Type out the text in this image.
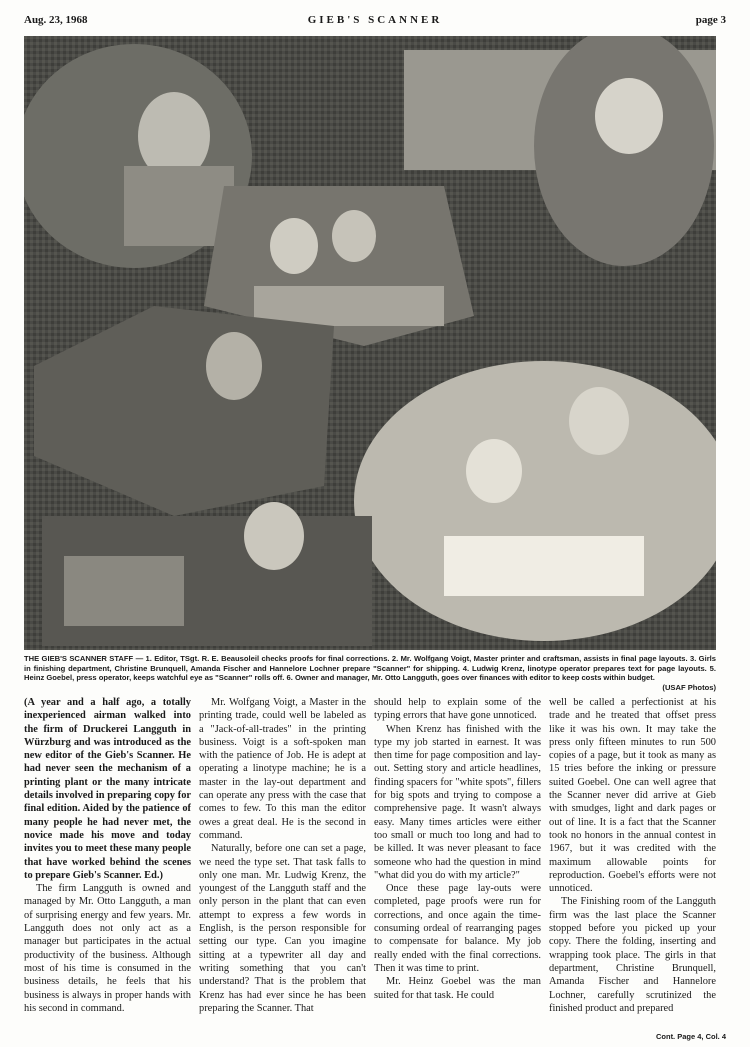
Aug. 23, 1968	GIEB'S SCANNER	page 3
THE GIEB'S SCANNER STAFF — 1. Editor, TSgt. R. E. Beausoleil checks proofs for final corrections. 2. Mr. Wolfgang Voigt, Master printer and craftsman, assists in final page layouts. 3. Girls in finishing department, Christine Brunquell, Amanda Fischer and Hannelore Lochner prepare "Scanner" for shipping. 4. Ludwig Krenz, linotype operator prepares text for page layouts. 5. Heinz Goebel, press operator, keeps watchful eye as "Scanner" rolls off. 6. Owner and manager, Mr. Otto Langguth, goes over finances with editor to keep costs within budget.
(USAF Photos)

(A year and a half ago, a totally inexperienced airman walked into the firm of Druckerei Langguth in Würzburg and was introduced as the new editor of the Gieb's Scanner. He had never seen the mechanism of a printing plant or the many intricate details involved in preparing copy for final edition. Aided by the patience of many people he had never met, the novice made his move and today invites you to meet these many people that have worked behind the scenes to prepare Gieb's Scanner. Ed.)

The firm Langguth is owned and managed by Mr. Otto Langguth, a man of surprising energy and few years. Mr. Langguth does not only act as a manager but participates in the actual productivity of the business. Although most of his time is consumed in the business details, he feels that his business is always in proper hands with his second in command.

Mr. Wolfgang Voigt, a Master in the printing trade, could well be labeled as a "Jack-of-all-trades" in the printing business. Voigt is a soft-spoken man with the patience of Job. He is adept at operating a linotype machine; he is a master in the lay-out department and can operate any press with the case that comes to few. To this man the editor owes a great deal. He is the second in command.

Naturally, before one can set a page, we need the type set. That task falls to only one man. Mr. Ludwig Krenz, the youngest of the Langguth staff and the only person in the plant that can even attempt to express a few words in English, is the person responsible for setting our type. Can you imagine sitting at a typewriter all day and writing something that you can't understand? That is the problem that Krenz has had ever since he has been preparing the Scanner. That

should help to explain some of the typing errors that have gone unnoticed.

When Krenz has finished with the type my job started in earnest. It was then time for page composition and lay-out. Setting story and article headlines, finding spacers for "white spots", fillers for big spots and trying to compose a comprehensive page. It wasn't always easy. Many times articles were either too small or much too long and had to be killed. It was never pleasant to face someone who had the question in mind "what did you do with my article?"

Once these page lay-outs were completed, page proofs were run for corrections, and once again the time-consuming ordeal of rearranging pages to compensate for balance. My job really ended with the final corrections. Then it was time to print.

Mr. Heinz Goebel was the man suited for that task. He could

well be called a perfectionist at his trade and he treated that offset press like it was his own. It may take the press only fifteen minutes to run 500 copies of a page, but it took as many as 15 tries before the inking or pressure suited Goebel. One can well agree that the Scanner never did arrive at Gieb with smudges, light and dark pages or out of line. It is a fact that the Scanner took no honors in the annual contest in 1967, but it was credited with the maximum allowable points for reproduction. Goebel's efforts were not unnoticed.

The Finishing room of the Langguth firm was the last place the Scanner stopped before you picked up your copy. There the folding, inserting and wrapping took place. The girls in that department, Christine Brunquell, Amanda Fischer and Hannelore Lochner, carefully scrutinized the finished product and prepared

Cont. Page 4, Col. 4
